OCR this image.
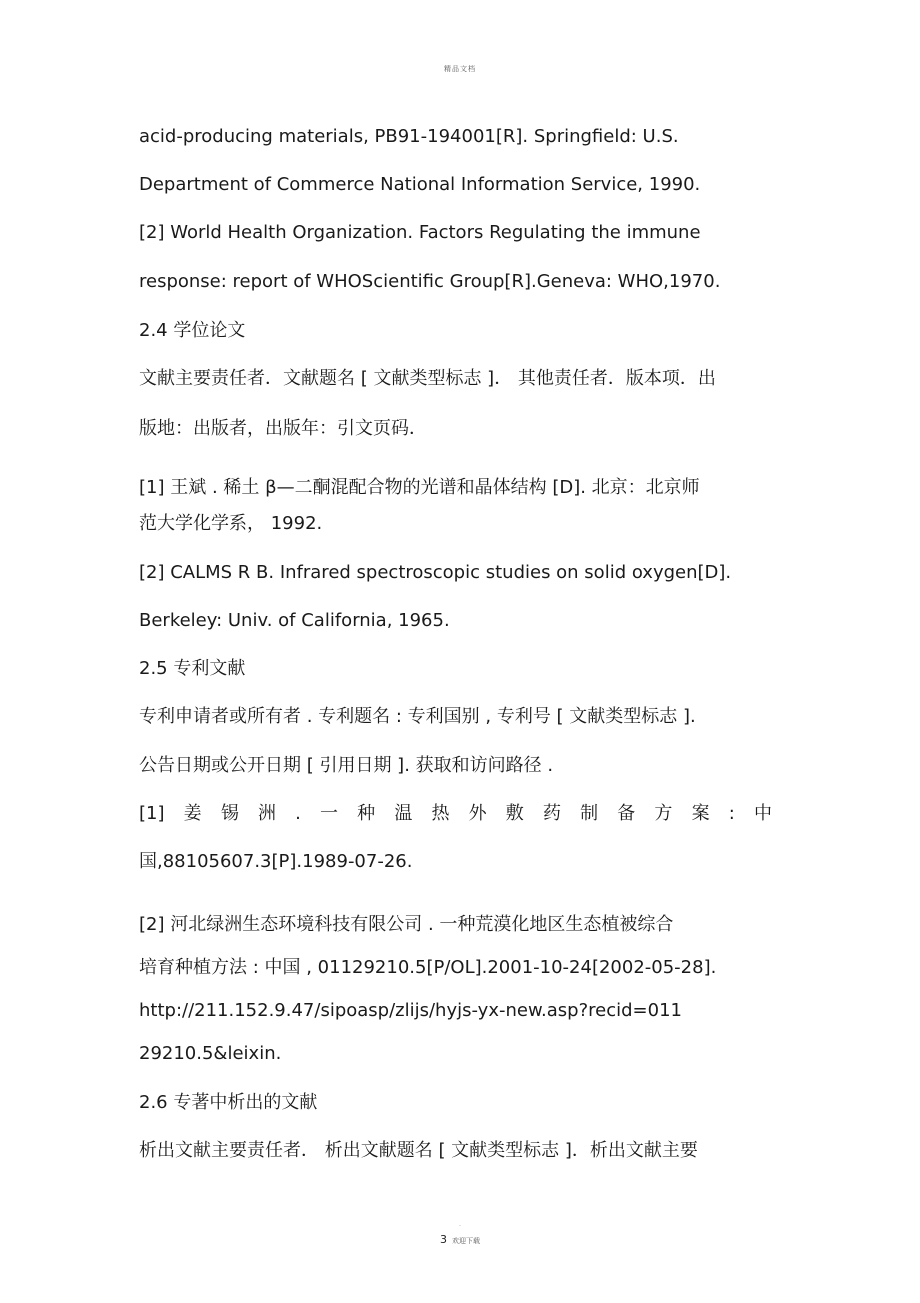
精品文档
acid-producing materials, PB91-194001[R]. Springfield: U.S.
Department of Commerce National Information Service, 1990.
[2] World Health Organization. Factors Regulating the immune
response: report of WHOScientific Group[R].Geneva: WHO,1970.
2.4 学位论文
文献主要责任者．文献题名 [ 文献类型标志 ]． 其他责任者．版本项．出
版地：出版者，出版年：引文页码．
[1] 王斌 . 稀土 β—二酮混配合物的光谱和晶体结构 [D]. 北京：北京师
范大学化学系， 1992.
[2] CALMS R B. Infrared spectroscopic studies on solid oxygen[D].
Berkeley: Univ. of California, 1965.
2.5 专利文献
专利申请者或所有者 . 专利题名 : 专利国别 , 专利号 [ 文献类型标志 ].
公告日期或公开日期 [ 引用日期 ]. 获取和访问路径 .
[1] 姜 锡 洲 . 一 种 温 热 外 敷 药 制 备 方 案 : 中
国,88105607.3[P].1989-07-26.
[2] 河北绿洲生态环境科技有限公司 . 一种荒漠化地区生态植被综合
培育种植方法 : 中国 , 01129210.5[P/OL].2001-10-24[2002-05-28].
http://211.152.9.47/sipoasp/zlijs/hyjs-yx-new.asp?recid=011
29210.5&leixin.
2.6 专著中析出的文献
析出文献主要责任者． 析出文献题名 [ 文献类型标志 ]．析出文献主要
.
3 欢迎下载
